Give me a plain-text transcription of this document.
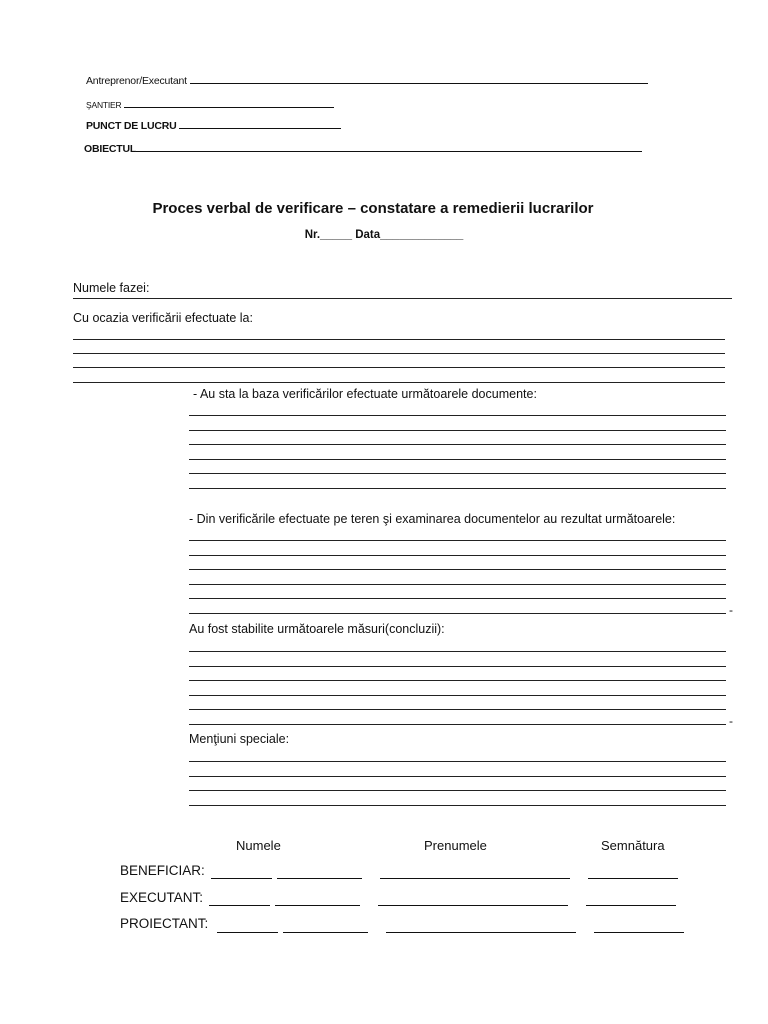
Antreprenor/Executant
ŞANTIER
PUNCT DE LUCRU
OBIECTUL
Proces verbal de verificare – constatare a remedierii lucrarilor
Nr._____ Data_____________
Numele fazei:
Cu ocazia verificării efectuate la:
- Au sta la baza verificărilor efectuate următoarele documente:
- Din verificările efectuate pe teren şi examinarea documentelor au rezultat următoarele:
-
Au fost stabilite următoarele măsuri(concluzii):
-
Menţiuni speciale:
Numele	Prenumele	Semnătura
BENEFICIAR:
EXECUTANT:
PROIECTANT:
